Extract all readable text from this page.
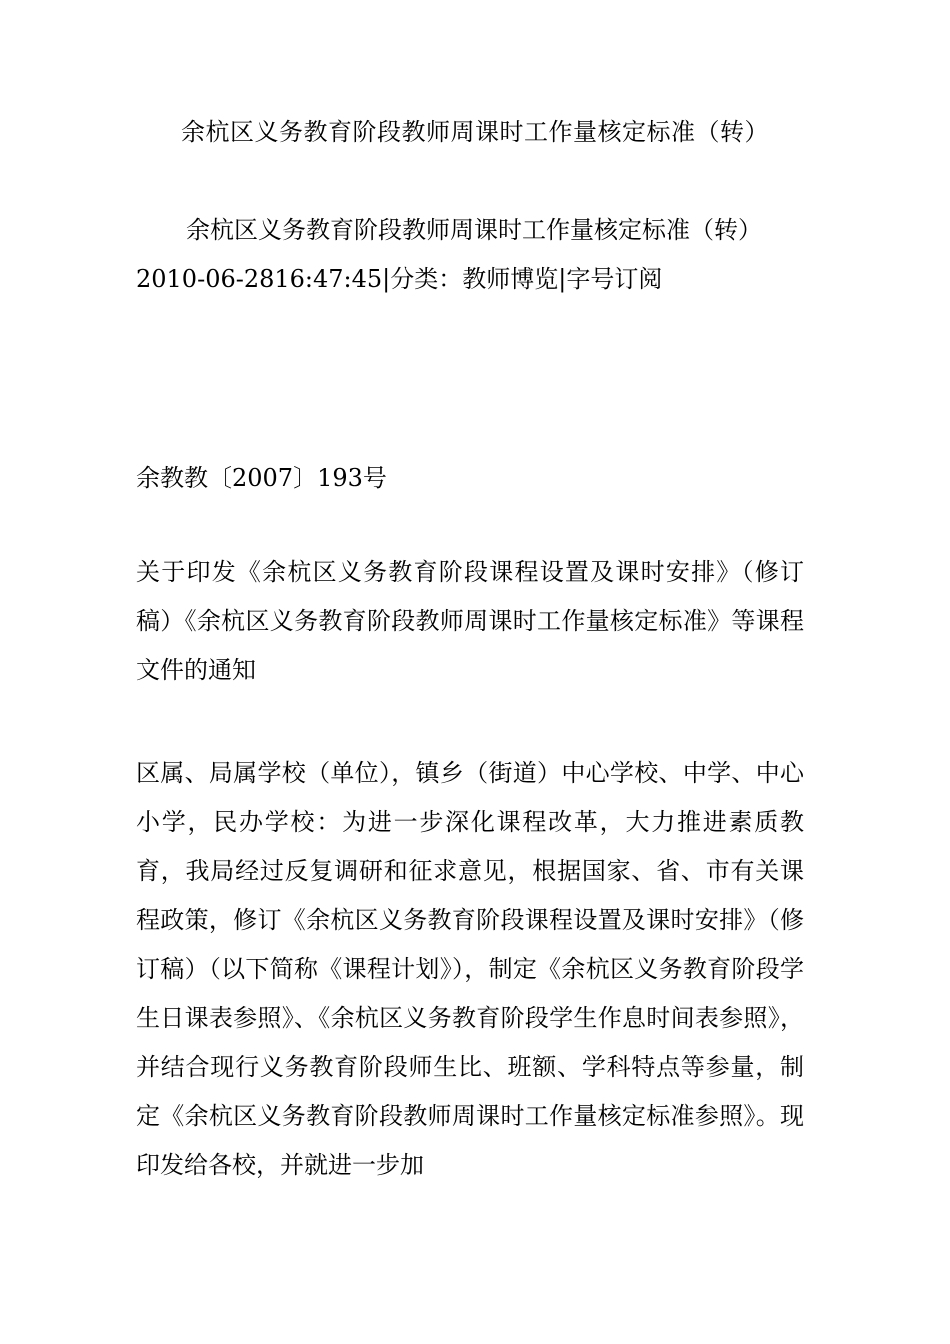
余杭区义务教育阶段教师周课时工作量核定标准（转）
余杭区义务教育阶段教师周课时工作量核定标准（转）
2010-06-2816:47:45|分类：教师博览|字号订阅

余教教〔2007〕193号

关于印发《余杭区义务教育阶段课程设置及课时安排》（修订稿）《余杭区义务教育阶段教师周课时工作量核定标准》等课程文件的通知

区属、局属学校（单位），镇乡（街道）中心学校、中学、中心小学，民办学校：为进一步深化课程改革，大力推进素质教育，我局经过反复调研和征求意见，根据国家、省、市有关课程政策，修订《余杭区义务教育阶段课程设置及课时安排》（修订稿）（以下简称《课程计划》），制定《余杭区义务教育阶段学生日课表参照》、《余杭区义务教育阶段学生作息时间表参照》，并结合现行义务教育阶段师生比、班额、学科特点等参量，制定《余杭区义务教育阶段教师周课时工作量核定标准参照》。现印发给各校，并就进一步加
